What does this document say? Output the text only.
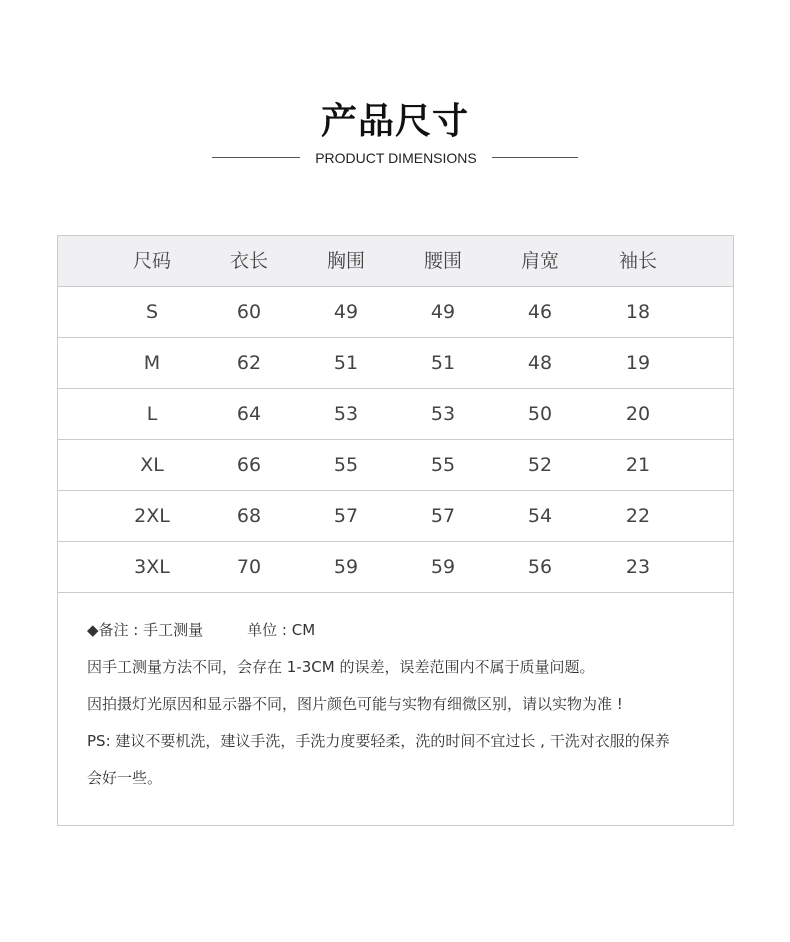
产品尺寸
PRODUCT DIMENSIONS
尺码	衣长	胸围	腰围	肩宽	袖长
S	60	49	49	46	18
M	62	51	51	48	19
L	64	53	53	50	20
XL	66	55	55	52	21
2XL	68	57	57	54	22
3XL	70	59	59	56	23
◆备注 : 手工测量	单位 : CM
因手工测量方法不同，会存在 1-3CM 的误差，误差范围内不属于质量问题。
因拍摄灯光原因和显示器不同，图片颜色可能与实物有细微区别，请以实物为准 !
PS: 建议不要机洗，建议手洗，手洗力度要轻柔，洗的时间不宜过长 , 干洗对衣服的保养
会好一些。
